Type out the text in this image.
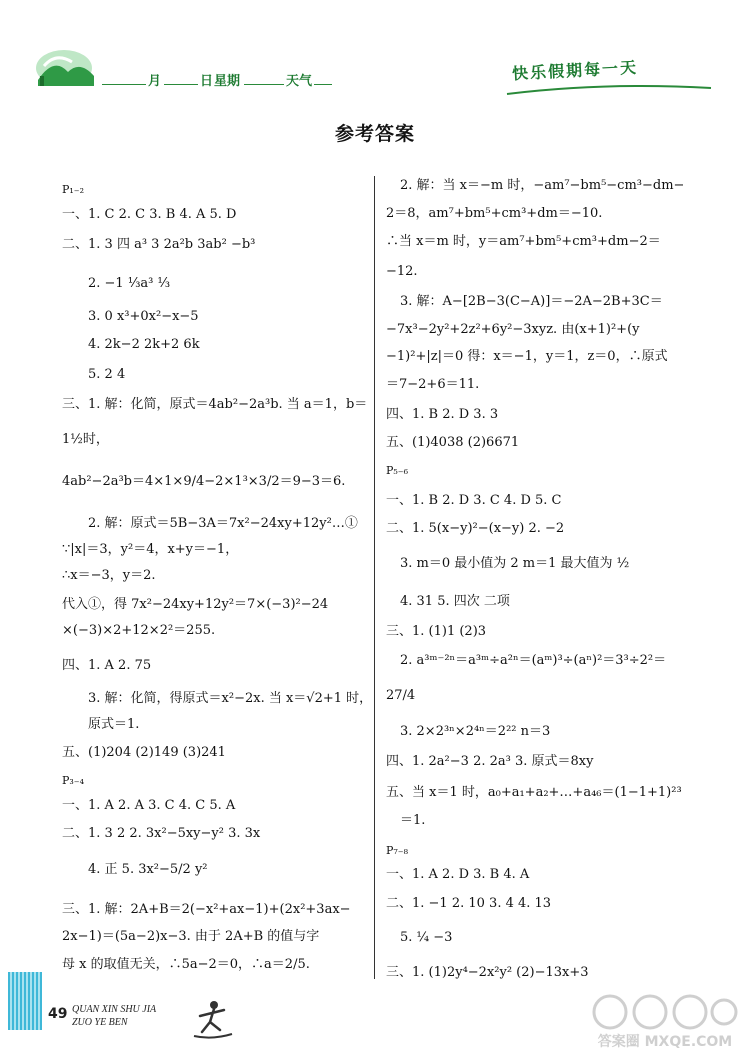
月	日 星期	天气	快乐假期每一天
参考答案
P₁₋₂
一、1. C 2. C 3. B 4. A 5. D
二、1. 3 四 a³ 3 2a²b 3ab² −b³
2. −1 ⅓a³ ⅓
3. 0 x³+0x²−x−5
4. 2k−2 2k+2 6k
5. 2 4
三、1. 解：化简，原式＝4ab²−2a³b. 当 a＝1，b＝
1½时，
4ab²−2a³b＝4×1×9/4−2×1³×3/2＝9−3＝6.
2. 解：原式＝5B−3A＝7x²−24xy+12y²…①
∵|x|＝3，y²＝4，x+y＝−1，
∴x＝−3，y＝2.
代入①，得 7x²−24xy+12y²＝7×(−3)²−24
×(−3)×2+12×2²＝255.
四、1. A 2. 75
3. 解：化简，得原式＝x²−2x. 当 x＝√2+1 时，
原式＝1.
五、(1)204 (2)149 (3)241
P₃₋₄
一、1. A 2. A 3. C 4. C 5. A
二、1. 3 2 2. 3x²−5xy−y² 3. 3x
4. 正 5. 3x²−5/2 y²
三、1. 解：2A+B＝2(−x²+ax−1)+(2x²+3ax−
2x−1)＝(5a−2)x−3. 由于 2A+B 的值与字
母 x 的取值无关，∴5a−2＝0，∴a＝2/5.
2. 解：当 x＝−m 时，−am⁷−bm⁵−cm³−dm−
2＝8，am⁷+bm⁵+cm³+dm＝−10.
∴当 x＝m 时，y＝am⁷+bm⁵+cm³+dm−2＝
−12.
3. 解：A−[2B−3(C−A)]＝−2A−2B+3C＝
−7x³−2y²+2z²+6y²−3xyz. 由(x+1)²+(y
−1)²+|z|＝0 得：x＝−1，y＝1，z＝0，∴原式
＝7−2+6＝11.
四、1. B 2. D 3. 3
五、(1)4038 (2)6671
P₅₋₆
一、1. B 2. D 3. C 4. D 5. C
二、1. 5(x−y)²−(x−y) 2. −2
3. m＝0 最小值为 2 m＝1 最大值为 ½
4. 31 5. 四次 二项
三、1. (1)1 (2)3
2. a³ᵐ⁻²ⁿ＝a³ᵐ÷a²ⁿ＝(aᵐ)³÷(aⁿ)²＝3³÷2²＝
27/4
3. 2×2³ⁿ×2⁴ⁿ＝2²² n＝3
四、1. 2a²−3 2. 2a³ 3. 原式＝8xy
五、当 x＝1 时，a₀+a₁+a₂+…+a₄₆＝(1−1+1)²³
＝1.
P₇₋₈
一、1. A 2. D 3. B 4. A
二、1. −1 2. 10 3. 4 4. 13
5. ¼ −3
三、1. (1)2y⁴−2x²y² (2)−13x+3
49 QUAN XIN SHU JIA
ZUO YE BEN
答案圈 MXQE.COM
